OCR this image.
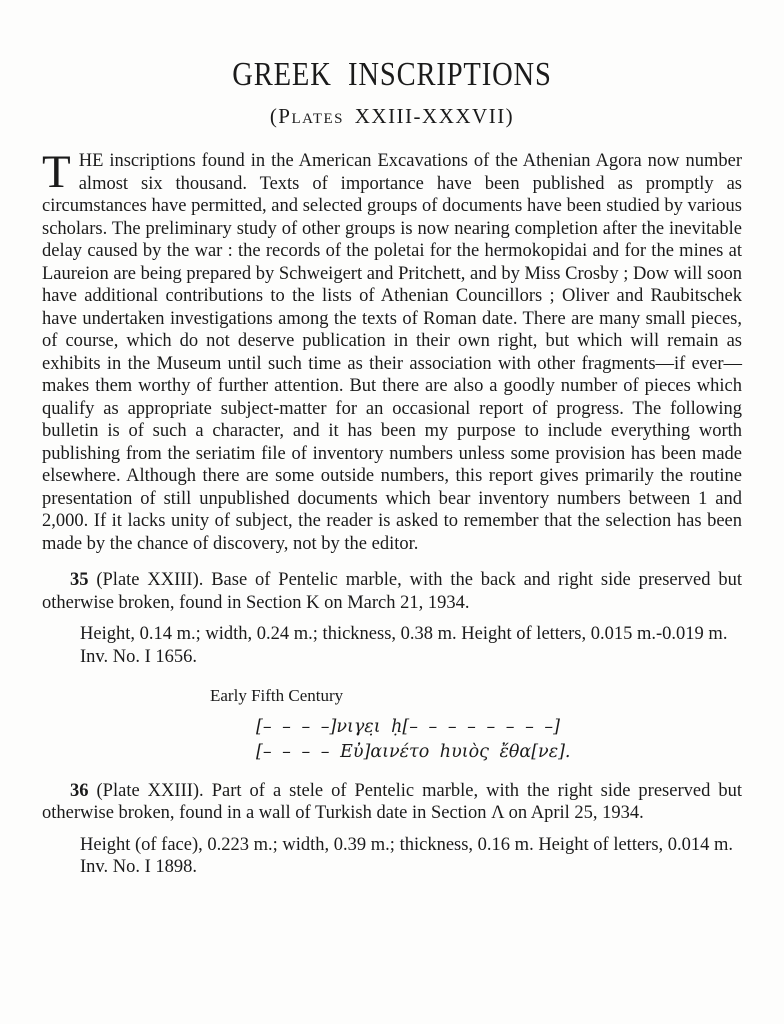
GREEK INSCRIPTIONS
(Plates XXIII-XXXVII)

THE inscriptions found in the American Excavations of the Athenian Agora now number almost six thousand. Texts of importance have been published as promptly as circumstances have permitted, and selected groups of documents have been studied by various scholars. The preliminary study of other groups is now nearing completion after the inevitable delay caused by the war : the records of the poletai for the hermokopidai and for the mines at Laureion are being prepared by Schweigert and Pritchett, and by Miss Crosby ; Dow will soon have additional contributions to the lists of Athenian Councillors ; Oliver and Raubitschek have undertaken investigations among the texts of Roman date. There are many small pieces, of course, which do not deserve publication in their own right, but which will remain as exhibits in the Museum until such time as their association with other fragments—if ever—makes them worthy of further attention. But there are also a goodly number of pieces which qualify as appropriate subject-matter for an occasional report of progress. The following bulletin is of such a character, and it has been my purpose to include everything worth publishing from the seriatim file of inventory numbers unless some provision has been made elsewhere. Although there are some outside numbers, this report gives primarily the routine presentation of still unpublished documents which bear inventory numbers between 1 and 2,000. If it lacks unity of subject, the reader is asked to remember that the selection has been made by the chance of discovery, not by the editor.

35 (Plate XXIII). Base of Pentelic marble, with the back and right side preserved but otherwise broken, found in Section K on March 21, 1934.

Height, 0.14 m.; width, 0.24 m.; thickness, 0.38 m. Height of letters, 0.015 m.-0.019 m.

Inv. No. I 1656.

Early Fifth Century

[– – – –]νιγε̣ι ḥ[– – – – – – – –]

[– – – – Εὐ]αινέτο hυιὸς ἔθα[νε].

36 (Plate XXIII). Part of a stele of Pentelic marble, with the right side preserved but otherwise broken, found in a wall of Turkish date in Section Λ on April 25, 1934.

Height (of face), 0.223 m.; width, 0.39 m.; thickness, 0.16 m. Height of letters, 0.014 m.

Inv. No. I 1898.
